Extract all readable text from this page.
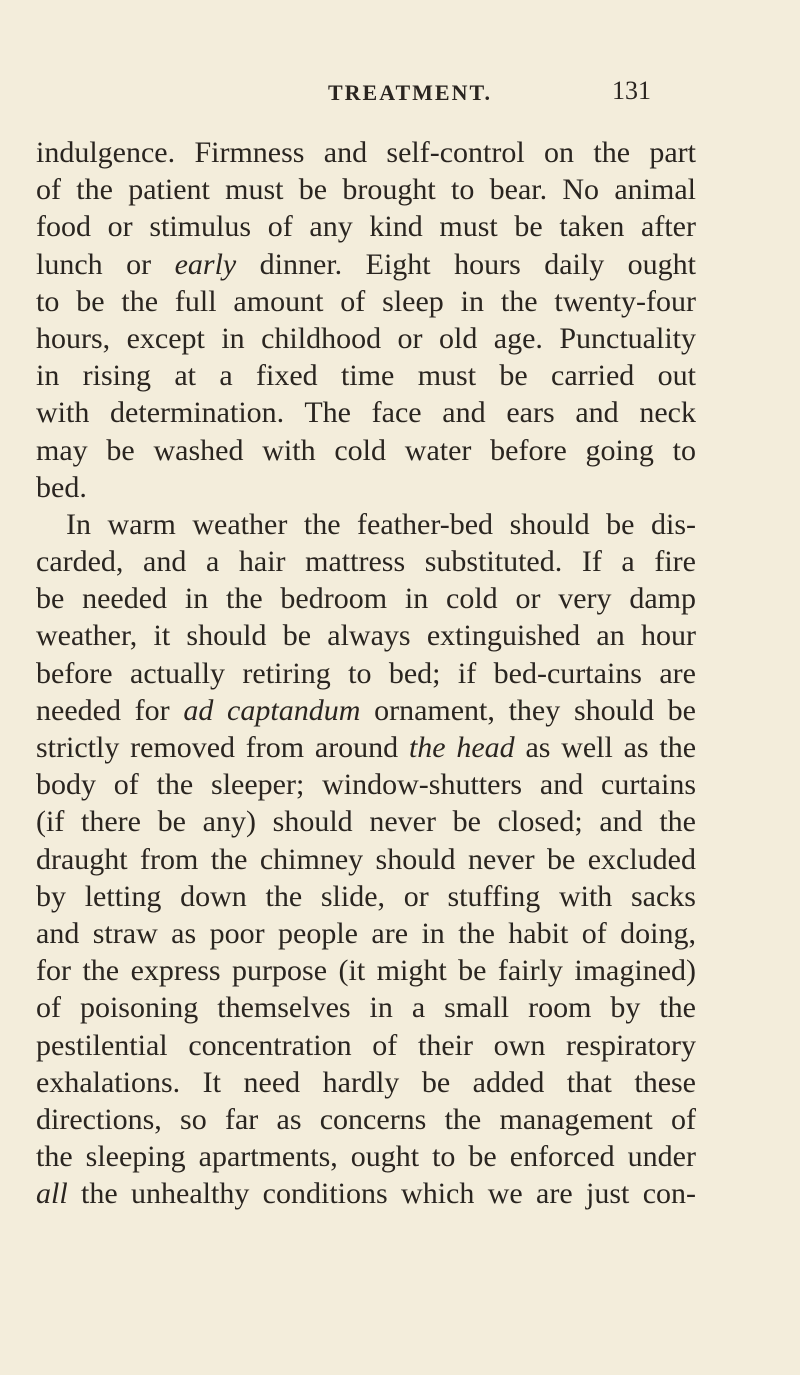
TREATMENT.	131
indulgence. Firmness and self-control on the part
of the patient must be brought to bear. No animal
food or stimulus of any kind must be taken after
lunch or early dinner. Eight hours daily ought
to be the full amount of sleep in the twenty-four
hours, except in childhood or old age. Punctuality
in rising at a fixed time must be carried out
with determination. The face and ears and neck
may be washed with cold water before going to
bed.
In warm weather the feather-bed should be dis-
carded, and a hair mattress substituted. If a fire
be needed in the bedroom in cold or very damp
weather, it should be always extinguished an hour
before actually retiring to bed; if bed-curtains are
needed for ad captandum ornament, they should be
strictly removed from around the head as well as the
body of the sleeper; window-shutters and curtains
(if there be any) should never be closed; and the
draught from the chimney should never be excluded
by letting down the slide, or stuffing with sacks
and straw as poor people are in the habit of doing,
for the express purpose (it might be fairly imagined)
of poisoning themselves in a small room by the
pestilential concentration of their own respiratory
exhalations. It need hardly be added that these
directions, so far as concerns the management of
the sleeping apartments, ought to be enforced under
all the unhealthy conditions which we are just con-
